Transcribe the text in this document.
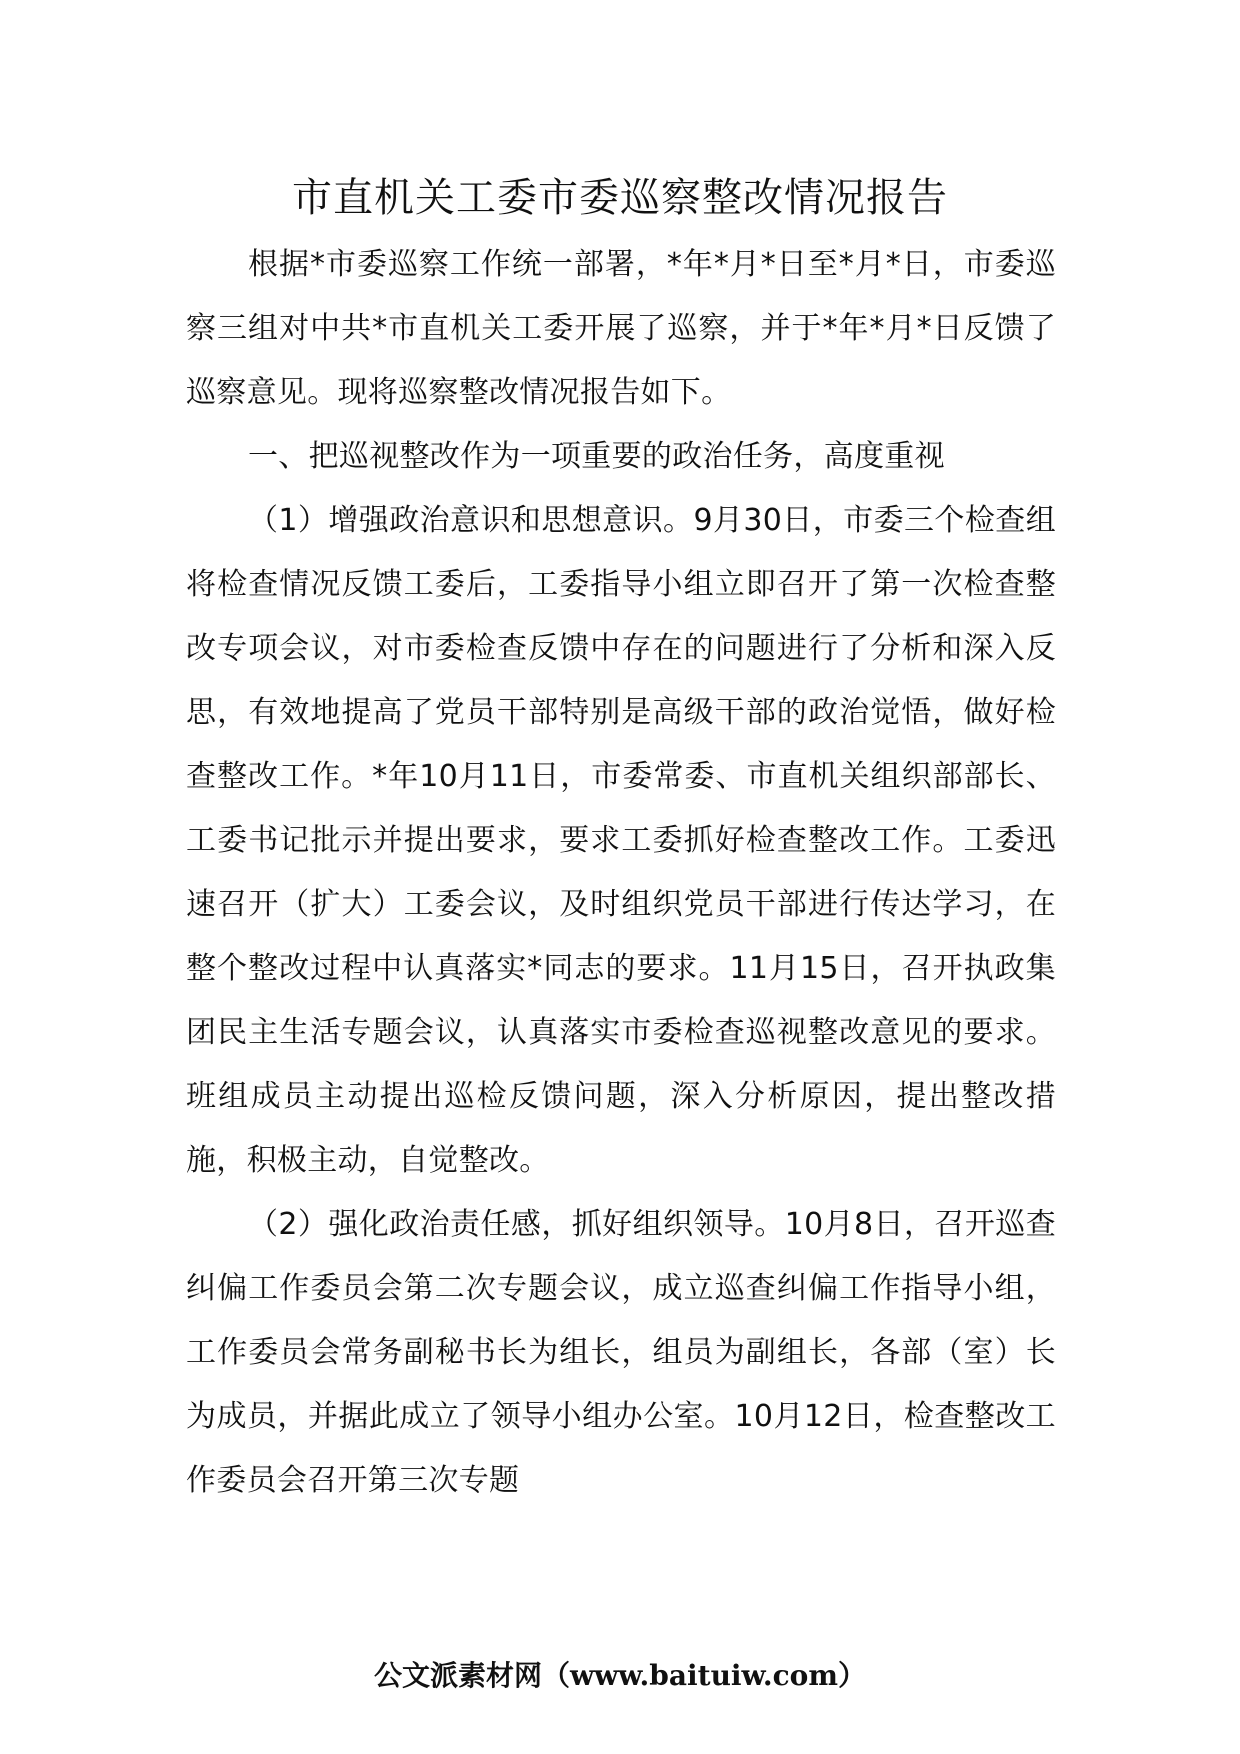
市直机关工委市委巡察整改情况报告

根据*市委巡察工作统一部署，*年*月*日至*月*日，市委巡察三组对中共*市直机关工委开展了巡察，并于*年*月*日反馈了巡察意见。现将巡察整改情况报告如下。

一、把巡视整改作为一项重要的政治任务，高度重视

（1）增强政治意识和思想意识。9月30日，市委三个检查组将检查情况反馈工委后，工委指导小组立即召开了第一次检查整改专项会议，对市委检查反馈中存在的问题进行了分析和深入反思，有效地提高了党员干部特别是高级干部的政治觉悟，做好检查整改工作。*年10月11日，市委常委、市直机关组织部部长、工委书记批示并提出要求，要求工委抓好检查整改工作。工委迅速召开（扩大）工委会议，及时组织党员干部进行传达学习，在整个整改过程中认真落实*同志的要求。11月15日，召开执政集团民主生活专题会议，认真落实市委检查巡视整改意见的要求。班组成员主动提出巡检反馈问题，深入分析原因，提出整改措施，积极主动，自觉整改。

（2）强化政治责任感，抓好组织领导。10月8日，召开巡查纠偏工作委员会第二次专题会议，成立巡查纠偏工作指导小组，工作委员会常务副秘书长为组长，组员为副组长，各部（室）长为成员，并据此成立了领导小组办公室。10月12日，检查整改工作委员会召开第三次专题

公文派素材网（www.baituiw.com）
